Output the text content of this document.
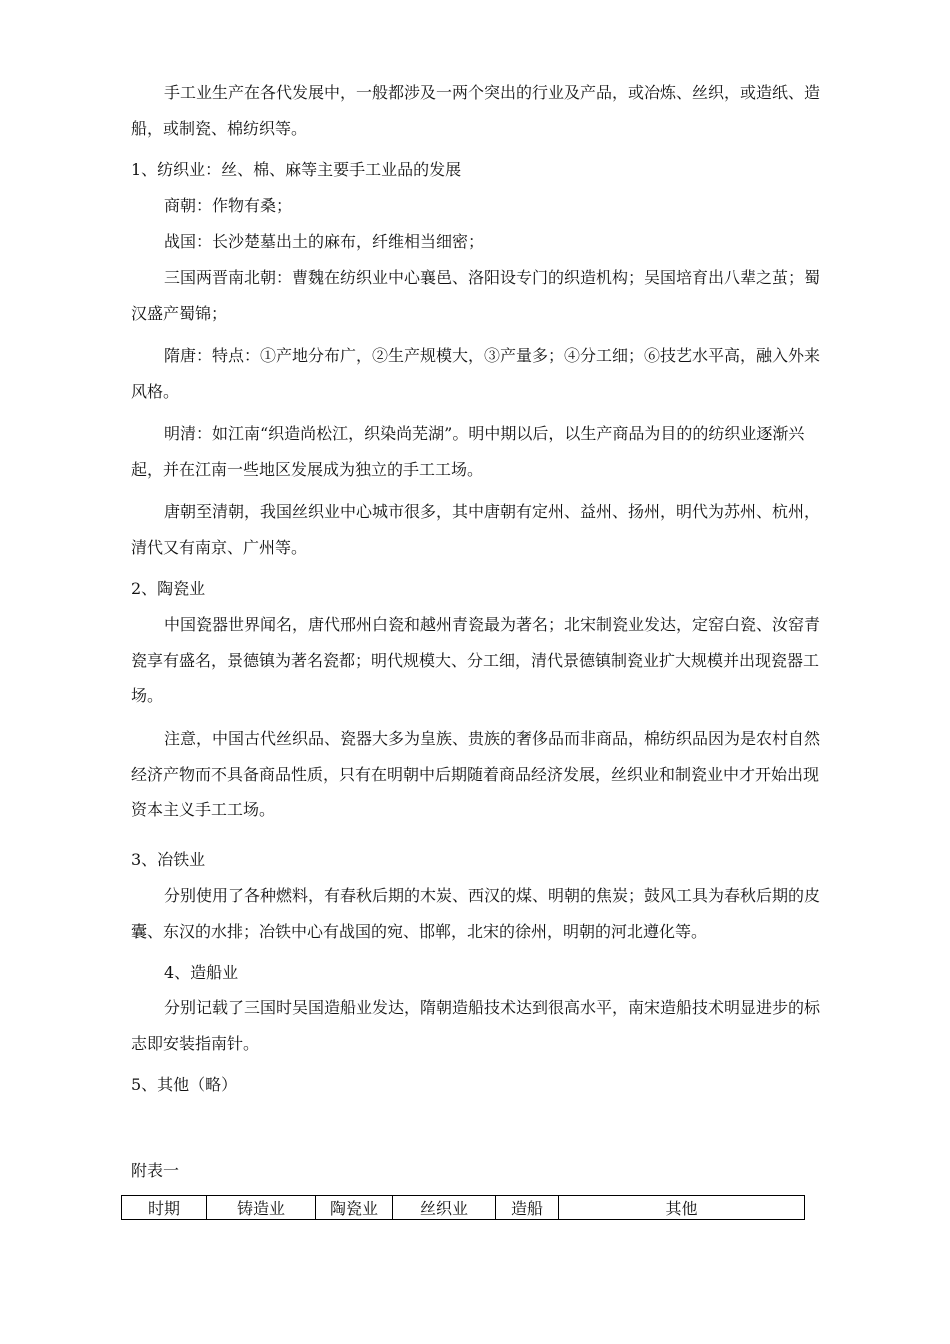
手工业生产在各代发展中，一般都涉及一两个突出的行业及产品，或冶炼、丝织，或造纸、造船，或制瓷、棉纺织等。

1、纺织业：丝、棉、麻等主要手工业品的发展

商朝：作物有桑；

战国：长沙楚墓出土的麻布，纤维相当细密；

三国两晋南北朝：曹魏在纺织业中心襄邑、洛阳设专门的织造机构；吴国培育出八辈之茧；蜀汉盛产蜀锦；

隋唐：特点：①产地分布广，②生产规模大，③产量多；④分工细；⑥技艺水平高，融入外来风格。

明清：如江南“织造尚松江，织染尚芜湖”。明中期以后，以生产商品为目的的纺织业逐渐兴起，并在江南一些地区发展成为独立的手工工场。

唐朝至清朝，我国丝织业中心城市很多，其中唐朝有定州、益州、扬州，明代为苏州、杭州，清代又有南京、广州等。

2、陶瓷业

中国瓷器世界闻名，唐代邢州白瓷和越州青瓷最为著名；北宋制瓷业发达，定窑白瓷、汝窑青瓷享有盛名，景德镇为著名瓷都；明代规模大、分工细，清代景德镇制瓷业扩大规模并出现瓷器工场。

注意，中国古代丝织品、瓷器大多为皇族、贵族的奢侈品而非商品，棉纺织品因为是农村自然经济产物而不具备商品性质，只有在明朝中后期随着商品经济发展，丝织业和制瓷业中才开始出现资本主义手工工场。

3、冶铁业

分别使用了各种燃料，有春秋后期的木炭、西汉的煤、明朝的焦炭；鼓风工具为春秋后期的皮囊、东汉的水排；冶铁中心有战国的宛、邯郸，北宋的徐州，明朝的河北遵化等。

4、造船业

分别记载了三国时吴国造船业发达，隋朝造船技术达到很高水平，南宋造船技术明显进步的标志即安装指南针。

5、其他（略）

附表一

时期	铸造业	陶瓷业	丝织业	造船	其他
